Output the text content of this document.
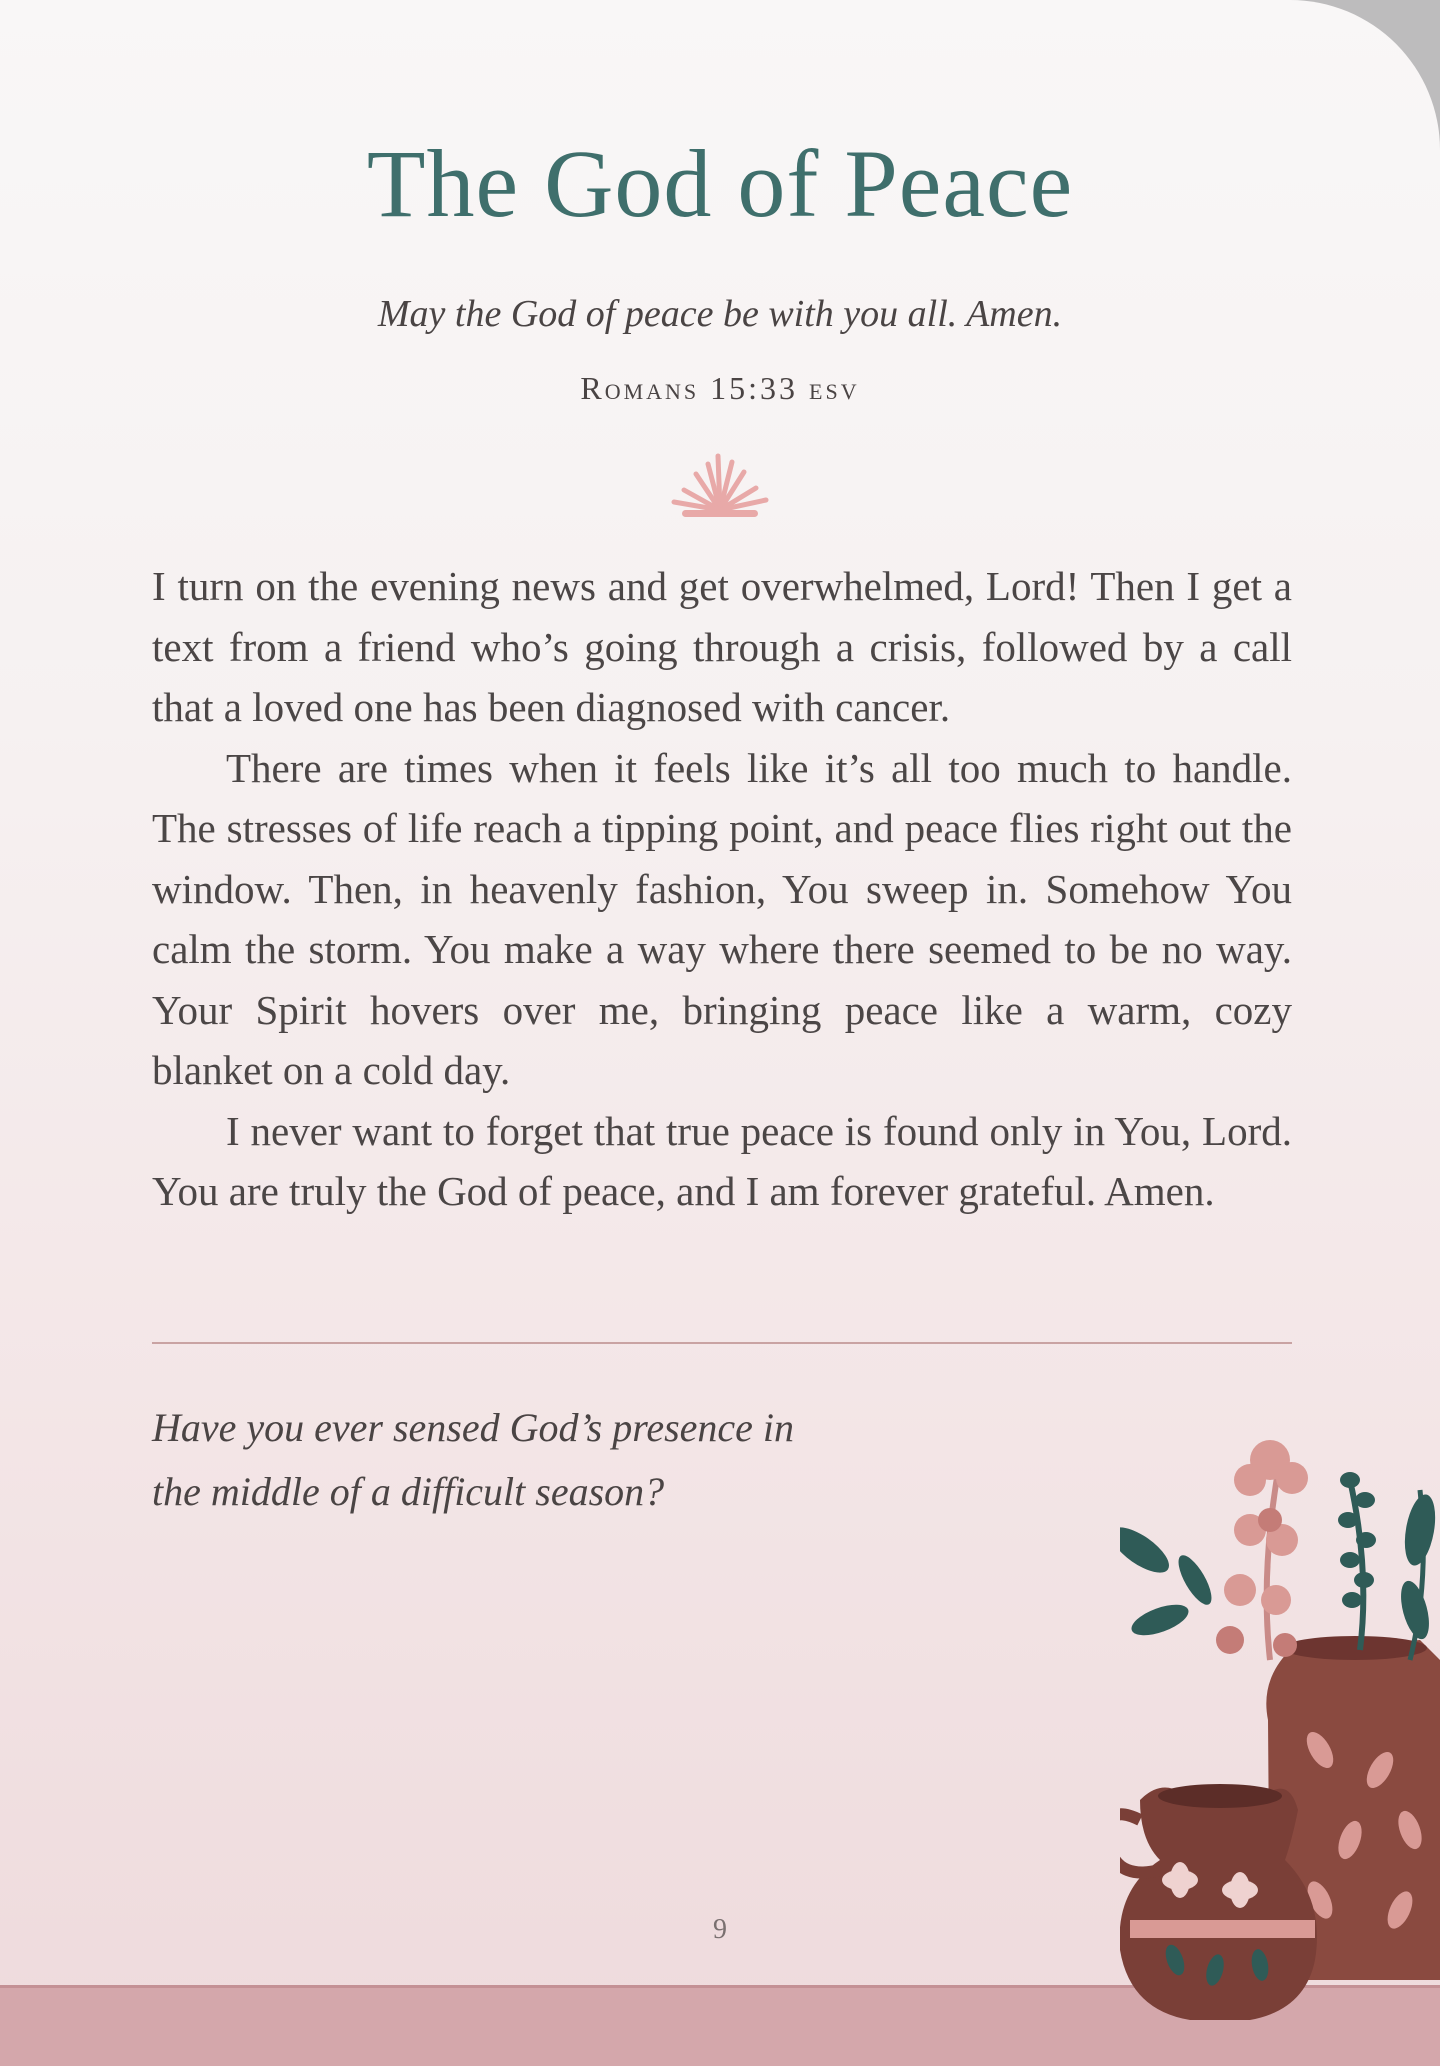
The God of Peace
May the God of peace be with you all. Amen.
Romans 15:33 esv

I turn on the evening news and get overwhelmed, Lord! Then I get a text from a friend who’s going through a crisis, followed by a call that a loved one has been diagnosed with cancer.

There are times when it feels like it’s all too much to handle. The stresses of life reach a tipping point, and peace flies right out the window. Then, in heavenly fashion, You sweep in. Somehow You calm the storm. You make a way where there seemed to be no way. Your Spirit hovers over me, bringing peace like a warm, cozy blanket on a cold day.

I never want to forget that true peace is found only in You, Lord. You are truly the God of peace, and I am forever grateful. Amen.

Have you ever sensed God’s presence in
the middle of a difficult season?
9
